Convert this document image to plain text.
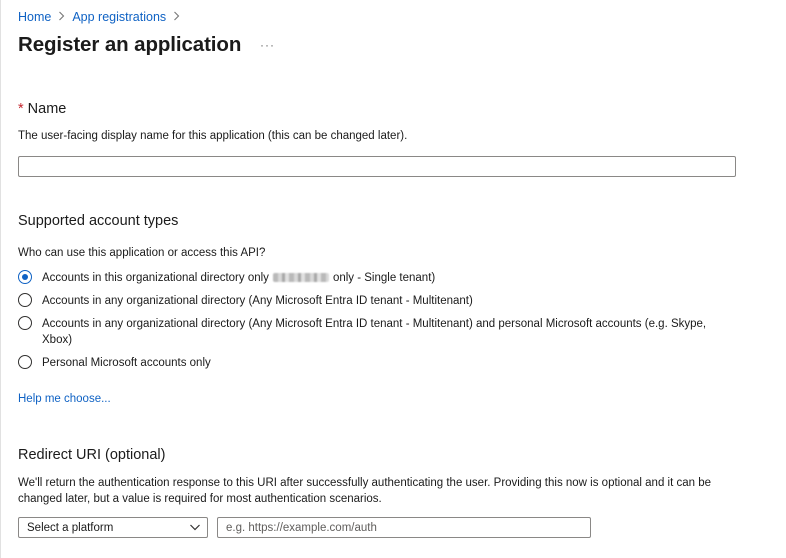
Home App registrations
Register an application ···
* Name
The user-facing display name for this application (this can be changed later).
Supported account types
Who can use this application or access this API?
Accounts in this organizational directory only	only - Single tenant)
Accounts in any organizational directory (Any Microsoft Entra ID tenant - Multitenant)
Accounts in any organizational directory (Any Microsoft Entra ID tenant - Multitenant) and personal Microsoft accounts (e.g. Skype, Xbox)
Personal Microsoft accounts only
Help me choose...
Redirect URI (optional)
We'll return the authentication response to this URI after successfully authenticating the user. Providing this now is optional and it can be changed later, but a value is required for most authentication scenarios.
Select a platform
e.g. https://example.com/auth
